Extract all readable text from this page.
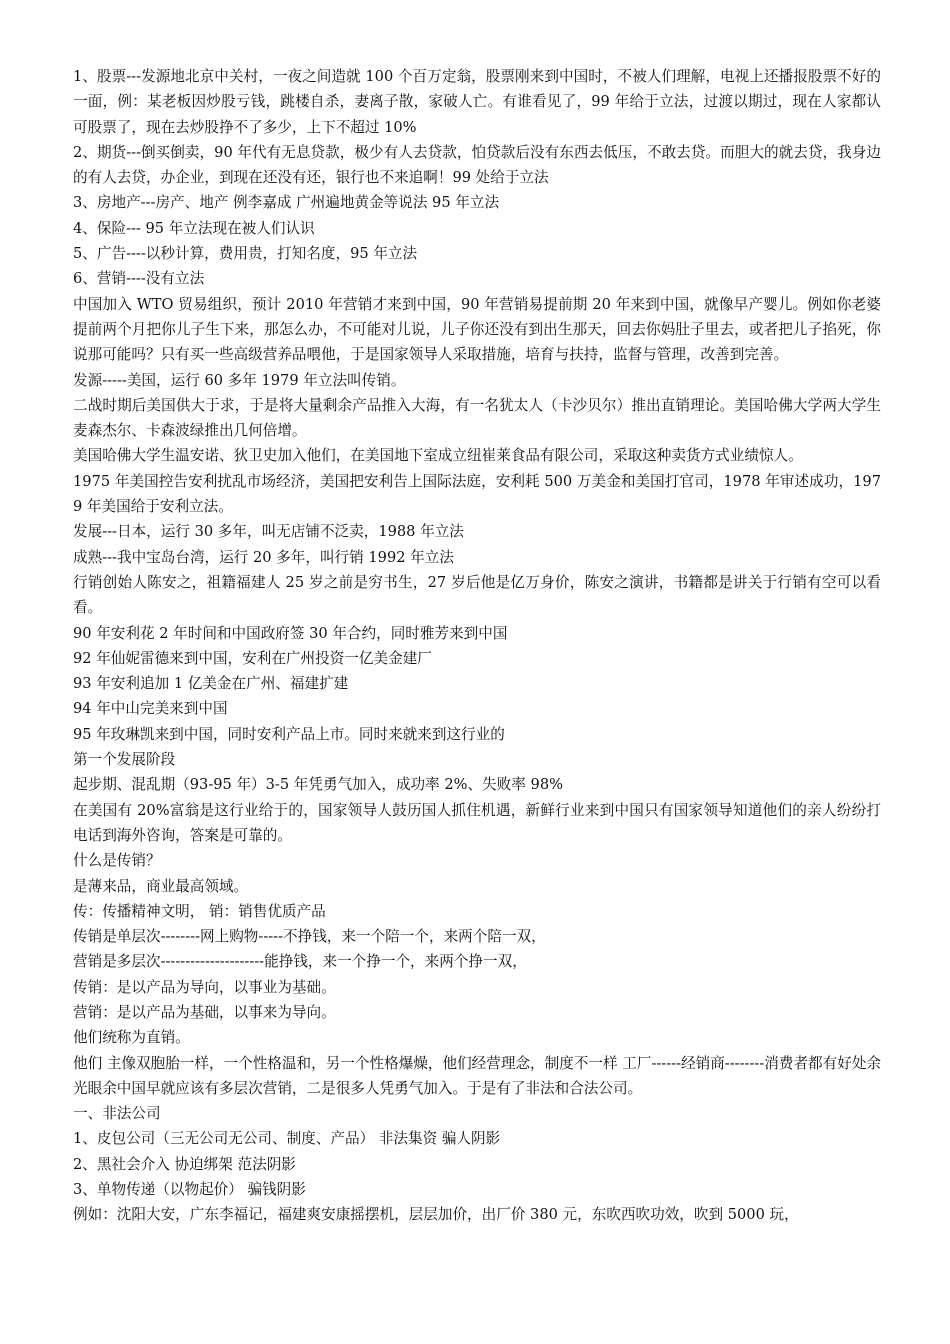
1、股票---发源地北京中关村，一夜之间造就 100 个百万定翁，股票刚来到中国时，不被人们理解，电视上还播报股票不好的一面，例：某老板因炒股亏钱，跳楼自杀，妻离子散，家破人亡。有谁看见了，99 年给于立法，过渡以期过，现在人家都认可股票了，现在去炒股挣不了多少，上下不超过 10%

2、期货---倒买倒卖，90 年代有无息贷款，极少有人去贷款，怕贷款后没有东西去低压，不敢去贷。而胆大的就去贷，我身边的有人去贷，办企业，到现在还没有还，银行也不来追啊！99 处给于立法

3、房地产---房产、地产 例李嘉成 广州遍地黄金等说法 95 年立法

4、保险--- 95 年立法现在被人们认识

5、广告----以秒计算，费用贵，打知名度，95 年立法

6、营销----没有立法

中国加入 WTO 贸易组织，预计 2010 年营销才来到中国，90 年营销易提前期 20 年来到中国，就像早产婴儿。例如你老婆提前两个月把你儿子生下来，那怎么办，不可能对儿说，儿子你还没有到出生那天，回去你妈肚子里去，或者把儿子掐死，你说那可能吗？只有买一些高级营养品喂他，于是国家领导人采取措施，培育与扶持，监督与管理，改善到完善。

发源-----美国，运行 60 多年 1979 年立法叫传销。

二战时期后美国供大于求，于是将大量剩余产品推入大海，有一名犹太人（卡沙贝尔）推出直销理论。美国哈佛大学两大学生麦森杰尔、卡森波绿推出几何倍增。

美国哈佛大学生温安诺、狄卫史加入他们，在美国地下室成立纽崔莱食品有限公司，采取这种卖货方式业绩惊人。

1975 年美国控告安利扰乱市场经济，美国把安利告上国际法庭，安利耗 500 万美金和美国打官司，1978 年审述成功，1979 年美国给于安利立法。

发展---日本，运行 30 多年，叫无店铺不泛卖，1988 年立法

成熟---我中宝岛台湾，运行 20 多年，叫行销 1992 年立法

行销创始人陈安之，祖籍福建人 25 岁之前是穷书生，27 岁后他是亿万身价，陈安之演讲，书籍都是讲关于行销有空可以看看。

90 年安利花 2 年时间和中国政府签 30 年合约，同时雅芳来到中国

92 年仙妮雷德来到中国，安利在广州投资一亿美金建厂

93 年安利追加 1 亿美金在广州、福建扩建

94 年中山完美来到中国

95 年玫琳凯来到中国，同时安利产品上市。同时来就来到这行业的

第一个发展阶段

起步期、混乱期（93-95 年）3-5 年凭勇气加入，成功率 2%、失败率 98%

在美国有 20%富翁是这行业给于的，国家领导人鼓历国人抓住机遇，新鲜行业来到中国只有国家领导知道他们的亲人纷纷打电话到海外咨询，答案是可靠的。

什么是传销？

是薄来品，商业最高领域。

传：传播精神文明， 销：销售优质产品

传销是单层次--------网上购物-----不挣钱，来一个陪一个，来两个陪一双，

营销是多层次---------------------能挣钱，来一个挣一个，来两个挣一双，

传销：是以产品为导向，以事业为基础。

营销：是以产品为基础，以事来为导向。

他们统称为直销。

他们 主像双胞胎一样，一个性格温和，另一个性格爆燥，他们经营理念，制度不一样 工厂------经销商--------消费者都有好处余光眼余中国早就应该有多层次营销，二是很多人凭勇气加入。于是有了非法和合法公司。

一、非法公司

1、皮包公司（三无公司无公司、制度、产品） 非法集资 骗人阴影

2、黑社会介入 协迫绑架 范法阴影

3、单物传递（以物起价） 骗钱阴影

例如：沈阳大安，广东李福记，福建爽安康摇摆机，层层加价，出厂价 380 元，东吹西吹功效，吹到 5000 玩，
